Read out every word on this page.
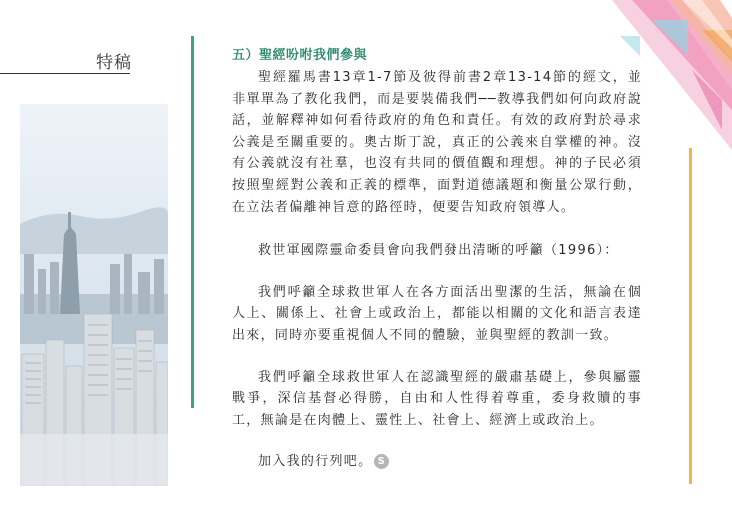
特稿	五）聖經吩咐我們參與

聖經羅馬書13章1-7節及彼得前書2章13-14節的經文，並非單單為了教化我們，而是要裝備我們──教導我們如何向政府說話，並解釋神如何看待政府的角色和責任。有效的政府對於尋求公義是至關重要的。奧古斯丁說，真正的公義來自掌權的神。沒有公義就沒有社羣，也沒有共同的價值觀和理想。神的子民必須按照聖經對公義和正義的標準，面對道德議題和衡量公眾行動，在立法者偏離神旨意的路徑時，便要告知政府領導人。

救世軍國際靈命委員會向我們發出清晰的呼籲（1996）：

我們呼籲全球救世軍人在各方面活出聖潔的生活，無論在個人上、關係上、社會上或政治上，都能以相關的文化和語言表達出來，同時亦要重視個人不同的體驗，並與聖經的教訓一致。

我們呼籲全球救世軍人在認識聖經的嚴肅基礎上，參與屬靈戰爭，深信基督必得勝，自由和人性得着尊重，委身救贖的事工，無論是在肉體上、靈性上、社會上、經濟上或政治上。

加入我的行列吧。 S
